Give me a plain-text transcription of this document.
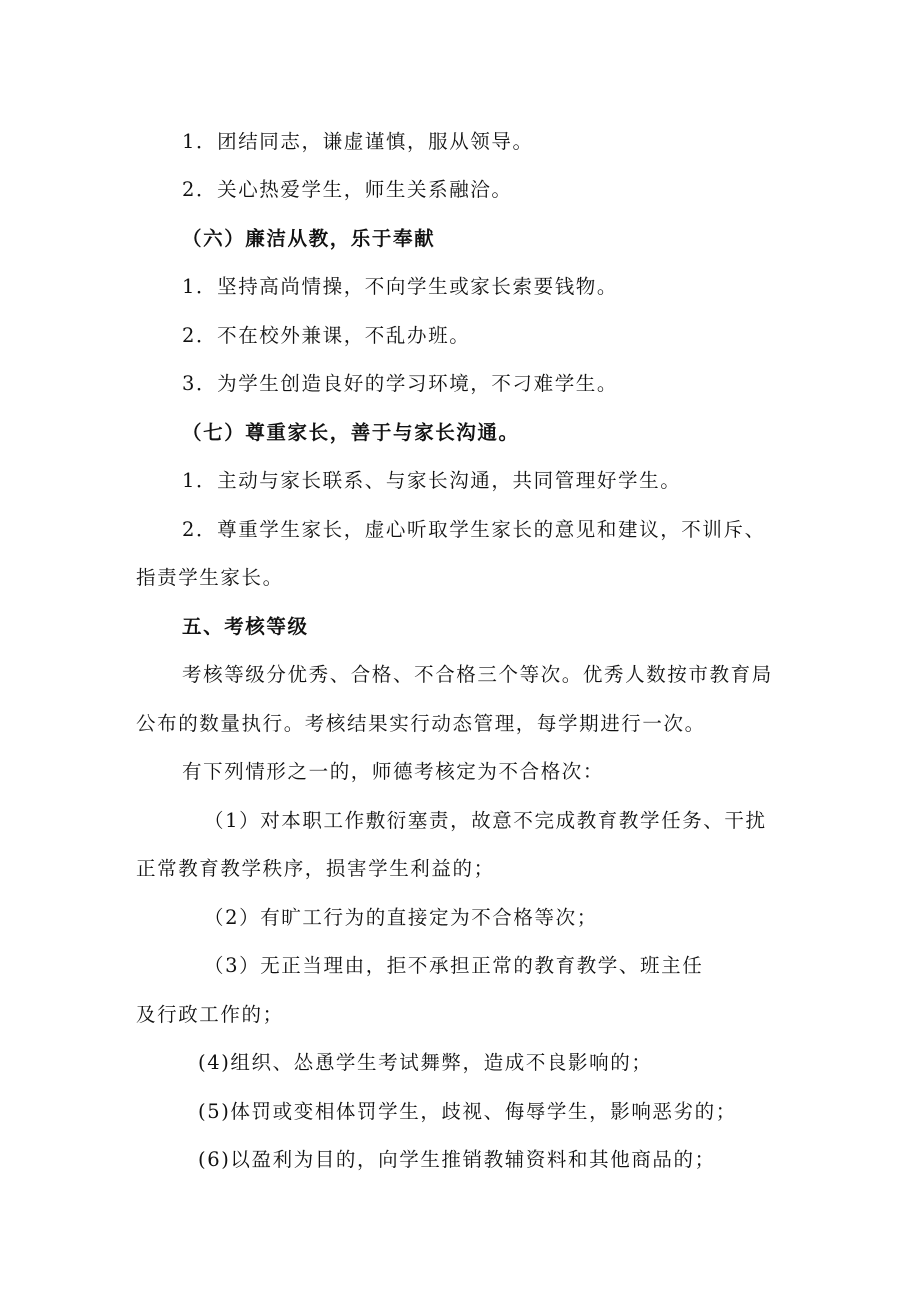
1．团结同志，谦虚谨慎，服从领导。
2．关心热爱学生，师生关系融洽。
（六）廉洁从教，乐于奉献
1．坚持高尚情操，不向学生或家长索要钱物。
2．不在校外兼课，不乱办班。
3．为学生创造良好的学习环境，不刁难学生。
（七）尊重家长，善于与家长沟通。
1．主动与家长联系、与家长沟通，共同管理好学生。
2．尊重学生家长，虚心听取学生家长的意见和建议，不训斥、
指责学生家长。
五、考核等级
考核等级分优秀、合格、不合格三个等次。优秀人数按市教育局
公布的数量执行。考核结果实行动态管理，每学期进行一次。
有下列情形之一的，师德考核定为不合格次：
（1）对本职工作敷衍塞责，故意不完成教育教学任务、干扰
正常教育教学秩序，损害学生利益的；
（2）有旷工行为的直接定为不合格等次；
（3）无正当理由，拒不承担正常的教育教学、班主任
及行政工作的；
(4)组织、怂恿学生考试舞弊，造成不良影响的；
(5)体罚或变相体罚学生，歧视、侮辱学生，影响恶劣的；
(6)以盈利为目的，向学生推销教辅资料和其他商品的；
